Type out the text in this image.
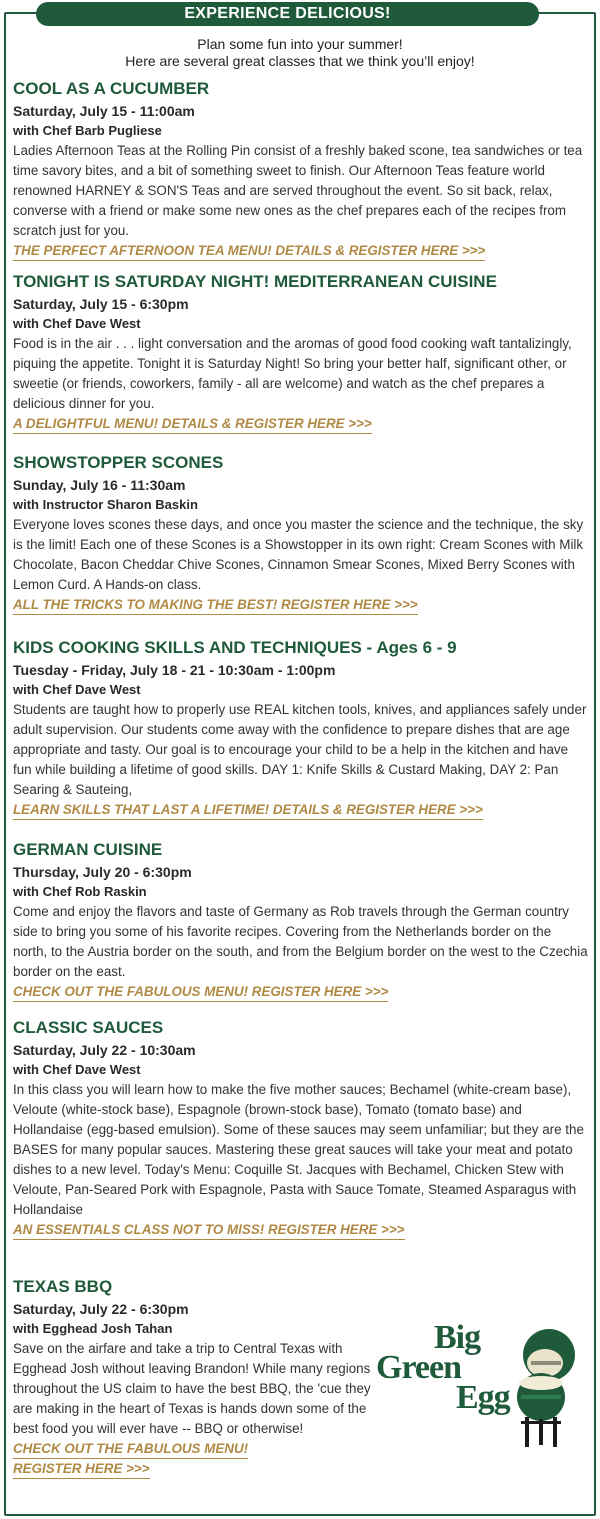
EXPERIENCE DELICIOUS!
Plan some fun into your summer!
Here are several great classes that we think you’ll enjoy!
COOL AS A CUCUMBER
Saturday, July 15 - 11:00am
with Chef Barb Pugliese

Ladies Afternoon Teas at the Rolling Pin consist of a freshly baked scone, tea sandwiches or tea time savory bites, and a bit of something sweet to finish. Our Afternoon Teas feature world renowned HARNEY & SON'S Teas and are served throughout the event. So sit back, relax, converse with a friend or make some new ones as the chef prepares each of the recipes from scratch just for you.

THE PERFECT AFTERNOON TEA MENU! DETAILS & REGISTER HERE >>>
TONIGHT IS SATURDAY NIGHT! MEDITERRANEAN CUISINE
Saturday, July 15 - 6:30pm
with Chef Dave West

Food is in the air . . . light conversation and the aromas of good food cooking waft tantalizingly, piquing the appetite. Tonight it is Saturday Night! So bring your better half, significant other, or sweetie (or friends, coworkers, family - all are welcome) and watch as the chef prepares a delicious dinner for you.

A DELIGHTFUL MENU! DETAILS & REGISTER HERE >>>
SHOWSTOPPER SCONES
Sunday, July 16 - 11:30am
with Instructor Sharon Baskin

Everyone loves scones these days, and once you master the science and the technique, the sky is the limit! Each one of these Scones is a Showstopper in its own right: Cream Scones with Milk Chocolate, Bacon Cheddar Chive Scones, Cinnamon Smear Scones, Mixed Berry Scones with Lemon Curd. A Hands-on class.

ALL THE TRICKS TO MAKING THE BEST! REGISTER HERE >>>
KIDS COOKING SKILLS AND TECHNIQUES - Ages 6 - 9
Tuesday - Friday, July 18 - 21 - 10:30am - 1:00pm
with Chef Dave West

Students are taught how to properly use REAL kitchen tools, knives, and appliances safely under adult supervision. Our students come away with the confidence to prepare dishes that are age appropriate and tasty. Our goal is to encourage your child to be a help in the kitchen and have fun while building a lifetime of good skills. DAY 1: Knife Skills & Custard Making, DAY 2: Pan Searing & Sauteing,

LEARN SKILLS THAT LAST A LIFETIME! DETAILS & REGISTER HERE >>>
GERMAN CUISINE
Thursday, July 20 - 6:30pm
with Chef Rob Raskin

Come and enjoy the flavors and taste of Germany as Rob travels through the German country side to bring you some of his favorite recipes. Covering from the Netherlands border on the north, to the Austria border on the south, and from the Belgium border on the west to the Czechia border on the east.

CHECK OUT THE FABULOUS MENU! REGISTER HERE >>>
CLASSIC SAUCES
Saturday, July 22 - 10:30am
with Chef Dave West

In this class you will learn how to make the five mother sauces; Bechamel (white-cream base), Veloute (white-stock base), Espagnole (brown-stock base), Tomato (tomato base) and Hollandaise (egg-based emulsion). Some of these sauces may seem unfamiliar; but they are the BASES for many popular sauces. Mastering these great sauces will take your meat and potato dishes to a new level. Today's Menu: Coquille St. Jacques with Bechamel, Chicken Stew with Veloute, Pan-Seared Pork with Espagnole, Pasta with Sauce Tomate, Steamed Asparagus with Hollandaise

AN ESSENTIALS CLASS NOT TO MISS! REGISTER HERE >>>
TEXAS BBQ
Saturday, July 22 - 6:30pm
with Egghead Josh Tahan

Save on the airfare and take a trip to Central Texas with Egghead Josh without leaving Brandon! While many regions throughout the US claim to have the best BBQ, the 'cue they are making in the heart of Texas is hands down some of the best food you will ever have -- BBQ or otherwise!

CHECK OUT THE FABULOUS MENU!
REGISTER HERE >>>
Big
Green
Egg
